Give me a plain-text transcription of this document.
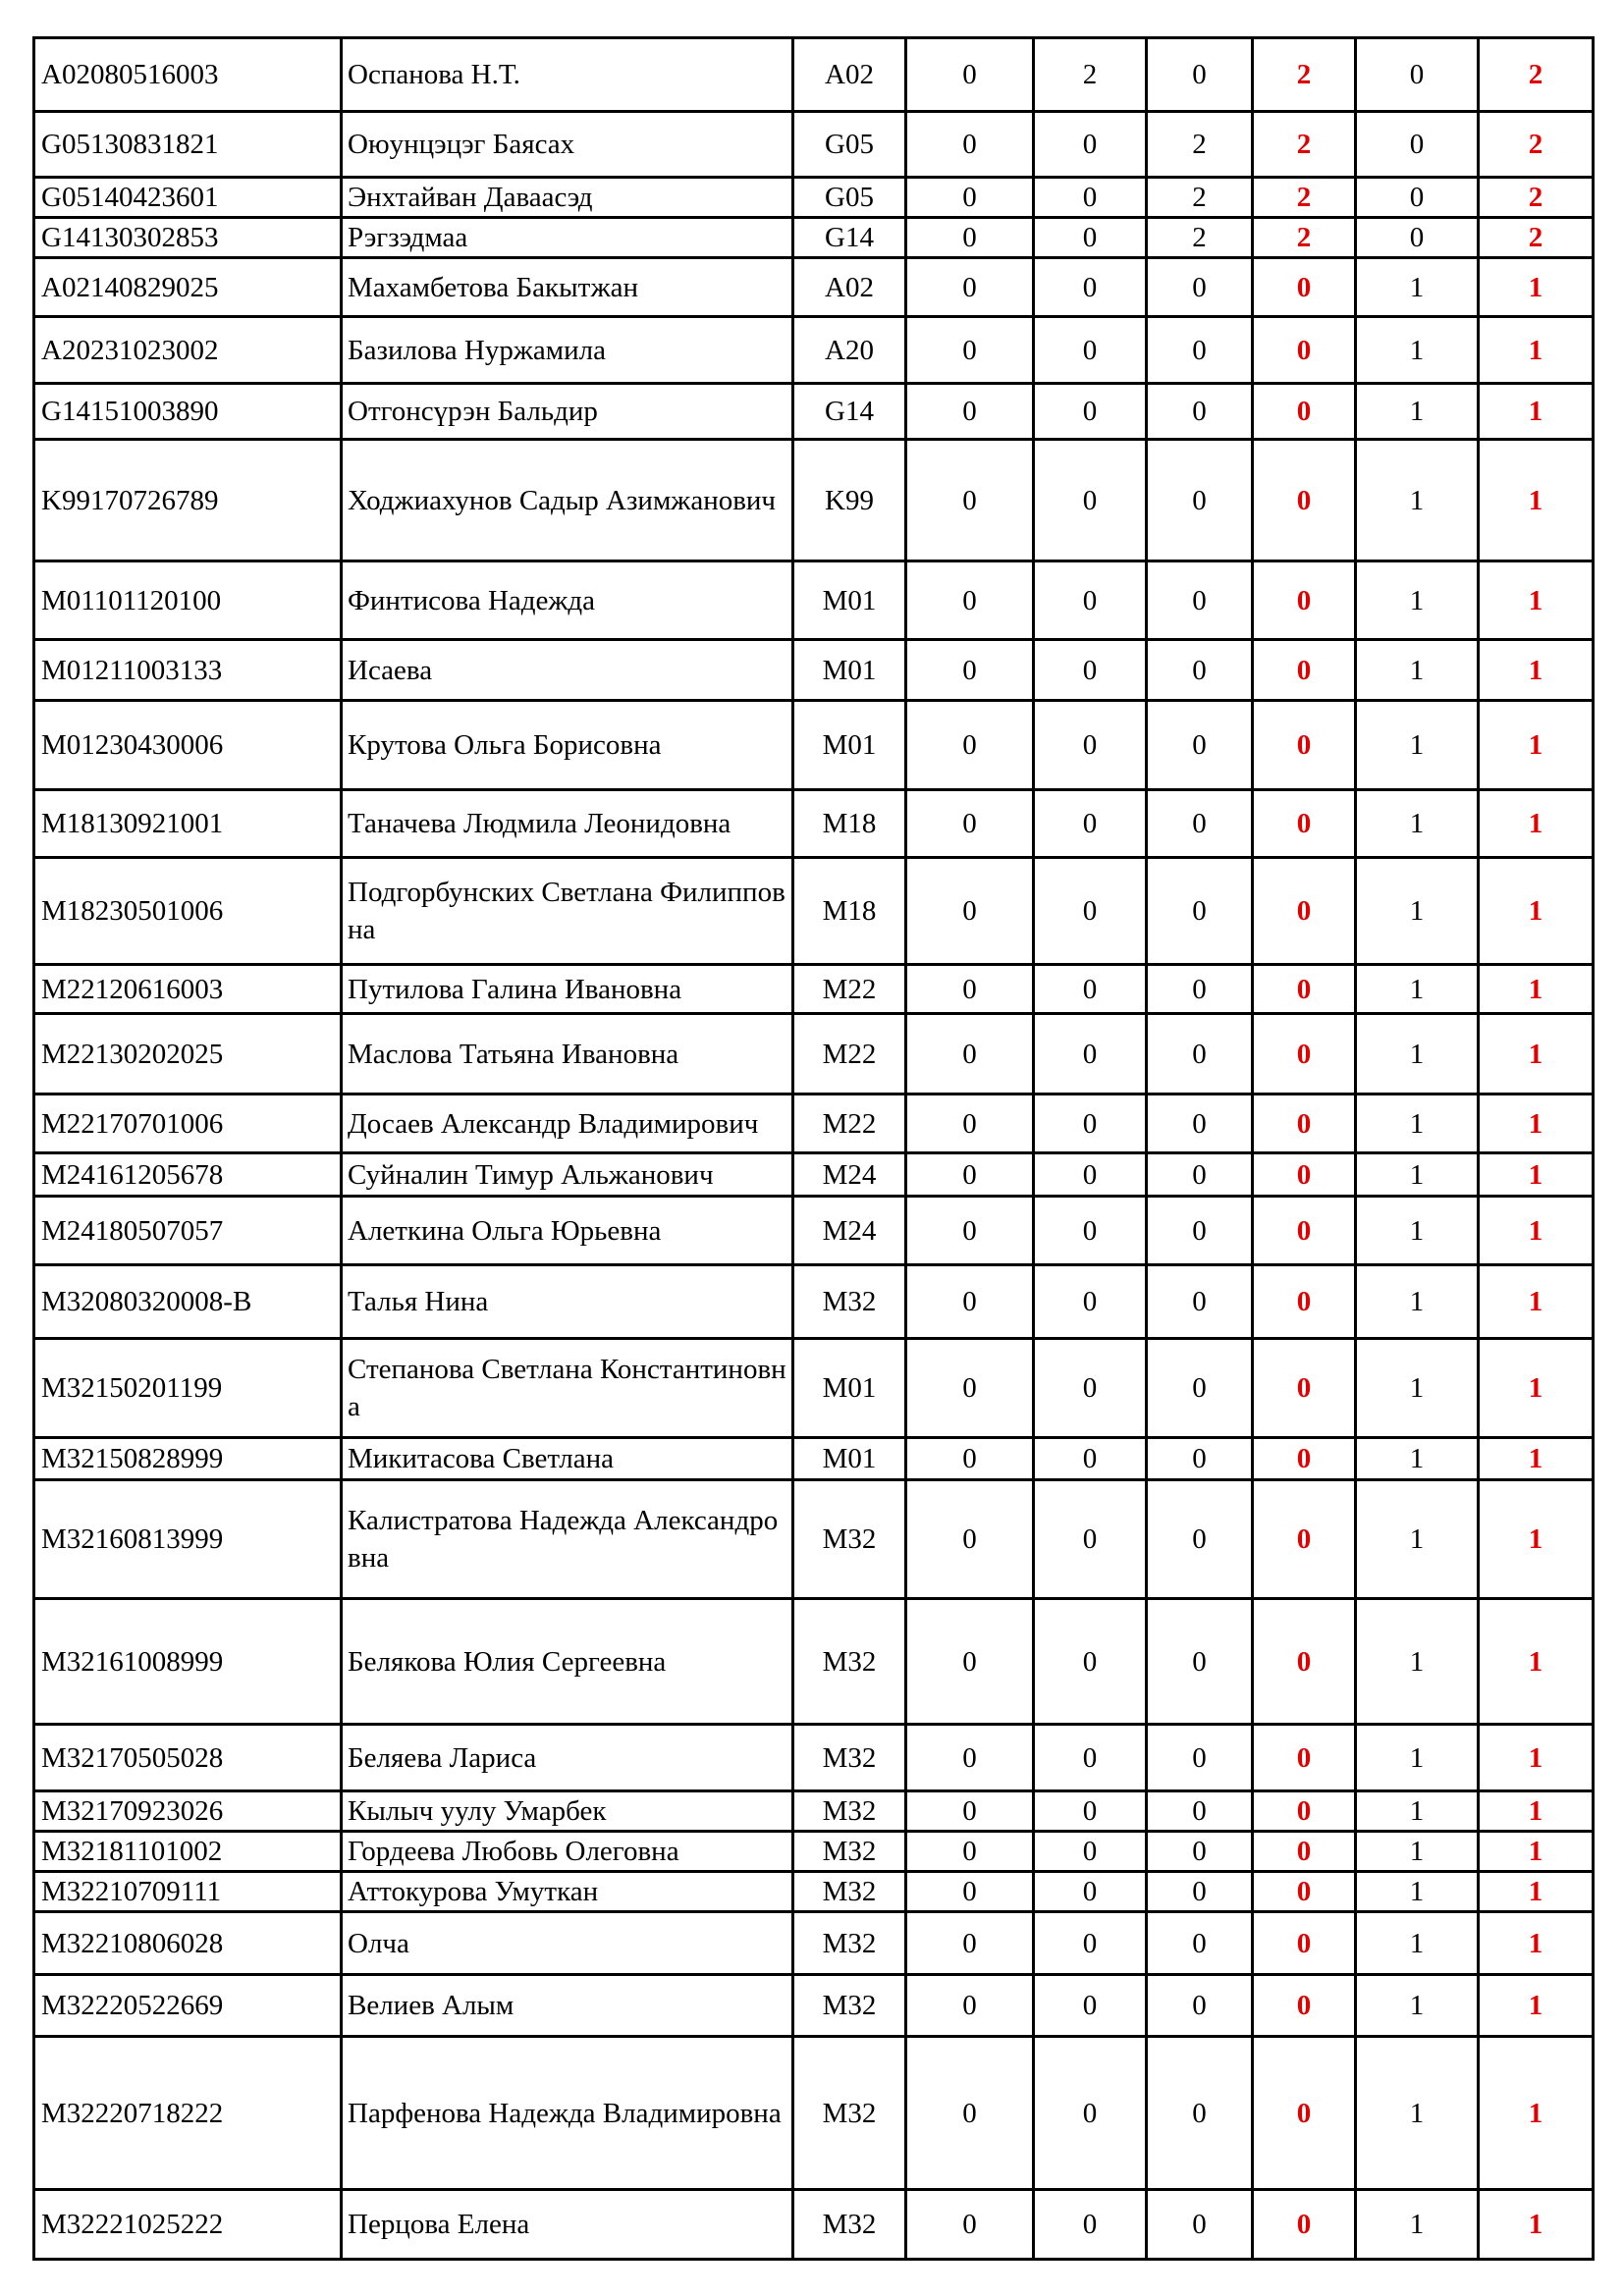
A02080516003	Оспанова Н.Т.	A02	0	2	0	2	0	2
G05130831821	Оюунцэцэг Баясах	G05	0	0	2	2	0	2
G05140423601	Энхтайван Даваасэд	G05	0	0	2	2	0	2
G14130302853	Рэгзэдмаа	G14	0	0	2	2	0	2
A02140829025	Махамбетова Бакытжан	A02	0	0	0	0	1	1
A20231023002	Базилова Нуржамила	A20	0	0	0	0	1	1
G14151003890	Отгонсүрэн Бальдир	G14	0	0	0	0	1	1
K99170726789	Ходжиахунов Садыр Азимжанович	K99	0	0	0	0	1	1
M01101120100	Финтисова Надежда	M01	0	0	0	0	1	1
M01211003133	Исаева	M01	0	0	0	0	1	1
M01230430006	Крутова Ольга Борисовна	M01	0	0	0	0	1	1
M18130921001	Таначева Людмила Леонидовна	M18	0	0	0	0	1	1
M18230501006	Подгорбунских Светлана Филипповна	M18	0	0	0	0	1	1
M22120616003	Путилова Галина Ивановна	M22	0	0	0	0	1	1
M22130202025	Маслова Татьяна Ивановна	M22	0	0	0	0	1	1
M22170701006	Досаев Александр Владимирович	M22	0	0	0	0	1	1
M24161205678	Суйналин Тимур Альжанович	M24	0	0	0	0	1	1
M24180507057	Алеткина Ольга Юрьевна	M24	0	0	0	0	1	1
M32080320008-B	Талья Нина	M32	0	0	0	0	1	1
M32150201199	Степанова Светлана Константиновна	M01	0	0	0	0	1	1
M32150828999	Микитасова Светлана	M01	0	0	0	0	1	1
M32160813999	Калистратова Надежда Александровна	M32	0	0	0	0	1	1
M32161008999	Белякова Юлия Сергеевна	M32	0	0	0	0	1	1
M32170505028	Беляева Лариса	M32	0	0	0	0	1	1
M32170923026	Кылыч уулу Умарбек	M32	0	0	0	0	1	1
M32181101002	Гордеева Любовь Олеговна	M32	0	0	0	0	1	1
M32210709111	Аттокурова Умуткан	M32	0	0	0	0	1	1
M32210806028	Олча	M32	0	0	0	0	1	1
M32220522669	Велиев Алым	M32	0	0	0	0	1	1
M32220718222	Парфенова Надежда Владимировна	M32	0	0	0	0	1	1
M32221025222	Перцова Елена	M32	0	0	0	0	1	1
